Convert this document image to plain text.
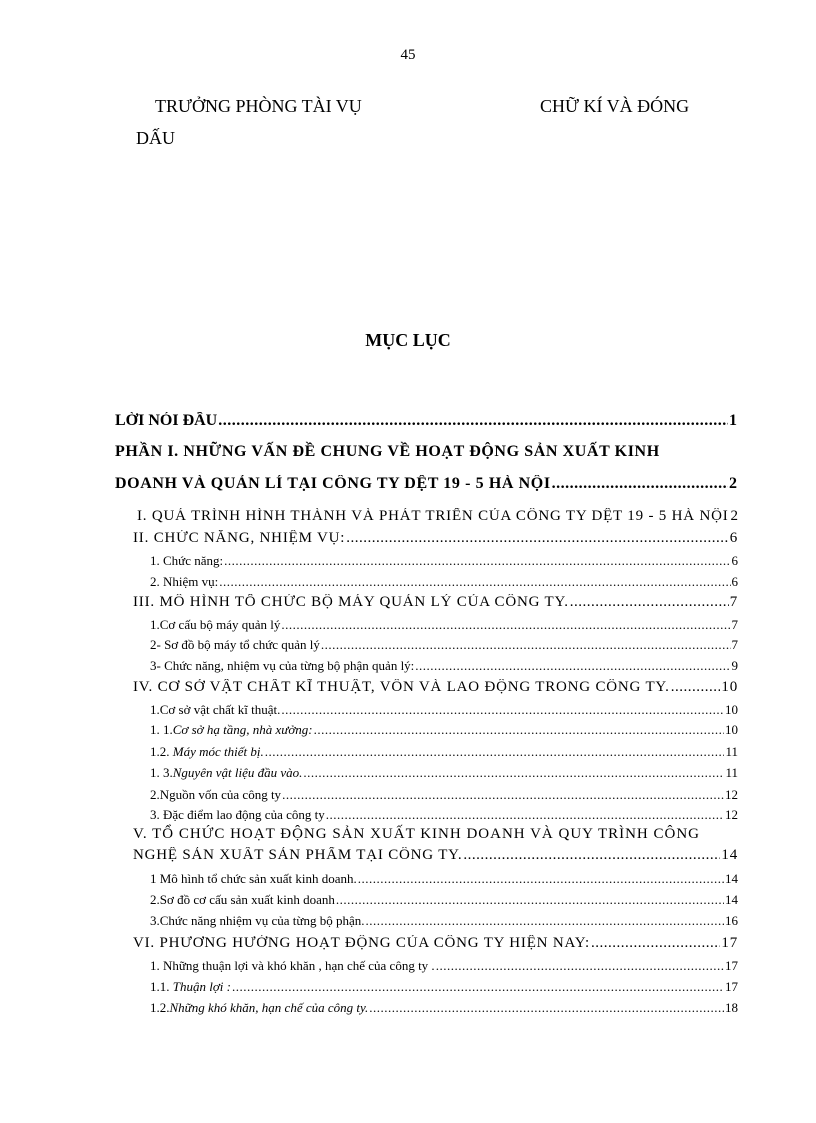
45
TRƯỞNG PHÒNG TÀI VỤ	CHỮ KÍ VÀ ĐÓNG
DẤU
MỤC LỤC
LỜI NÓI ĐẦU .....	1
PHẦN I. NHỮNG VẤN ĐỀ CHUNG VỀ HOẠT ĐỘNG SẢN XUẤT KINH
DOANH VÀ QUẢN LÍ TẠI CÔNG TY DỆT 19 - 5 HÀ NỘI .....	2
I. QUÁ TRÌNH HÌNH THÀNH VÀ PHÁT TRIỂN CỦA CÔNG TY DỆT 19 - 5 HÀ NỘI 2
II. CHỨC NĂNG, NHIỆM VỤ: .....	6
1. Chức năng: .....	6
2. Nhiệm vụ: .....	6
III. MÔ HÌNH TỔ CHỨC BỘ MÁY QUẢN LÝ CỦA CÔNG TY. .....	7
1.Cơ cấu bộ máy quản lý .....	7
2- Sơ đồ bộ máy tổ chức quản lý .....	7
3- Chức năng, nhiệm vụ của từng bộ phận quản lý: .....	9
IV. CƠ SỞ VẬT CHẤT KĨ THUẬT, VỐN VÀ LAO ĐỘNG TRONG CÔNG TY. .....	10
1.Cơ sở vật chất kĩ thuật. .....	10
1. 1. Cơ sở hạ tầng, nhà xưởng: .....	10
1.2. Máy móc thiết bị. .....	11
1. 3. Nguyên vật liệu đầu vào. .....	11
2.Nguồn vốn của công ty .....	12
3. Đặc điểm lao động của công ty .....	12
V. TỔ CHỨC HOẠT ĐỘNG SẢN XUẤT KINH DOANH VÀ QUY TRÌNH CÔNG
NGHỆ SẢN XUẤT SẢN PHẨM TẠI CÔNG TY. .....	14
1 Mô hình tổ chức sản xuất kinh doanh. .....	14
2.Sơ đồ cơ cấu sản xuất kinh doanh .....	14
3.Chức năng nhiệm vụ của từng bộ phận. .....	16
VI. PHƯƠNG HƯỚNG HOẠT ĐỘNG CỦA CÔNG TY HIỆN NAY: .....	17
1. Những thuận lợi và khó khăn , hạn chế của công ty . .....	17
1.1. Thuận lợi : .....	17
1.2. Những khó khăn, hạn chế của công ty. .....	18
